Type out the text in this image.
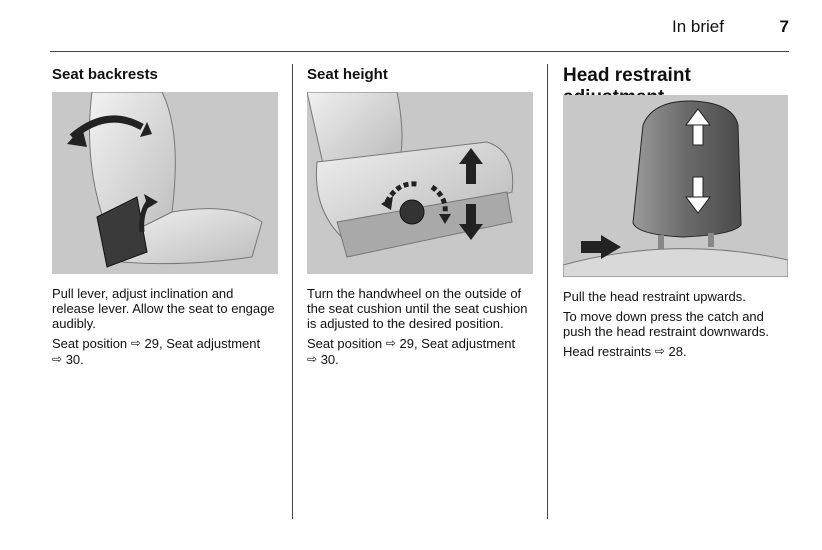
In brief	7
Seat backrests

Pull lever, adjust inclination and release lever. Allow the seat to engage audibly.

Seat position ⇨ 29, Seat adjustment
⇨ 30.

Seat height

Turn the handwheel on the outside of the seat cushion until the seat cushion is adjusted to the desired position.

Seat position ⇨ 29, Seat adjustment
⇨ 30.

Head restraint

Pull the head restraint upwards.

To move down press the catch and push the head restraint downwards.

Head restraints ⇨ 28.
